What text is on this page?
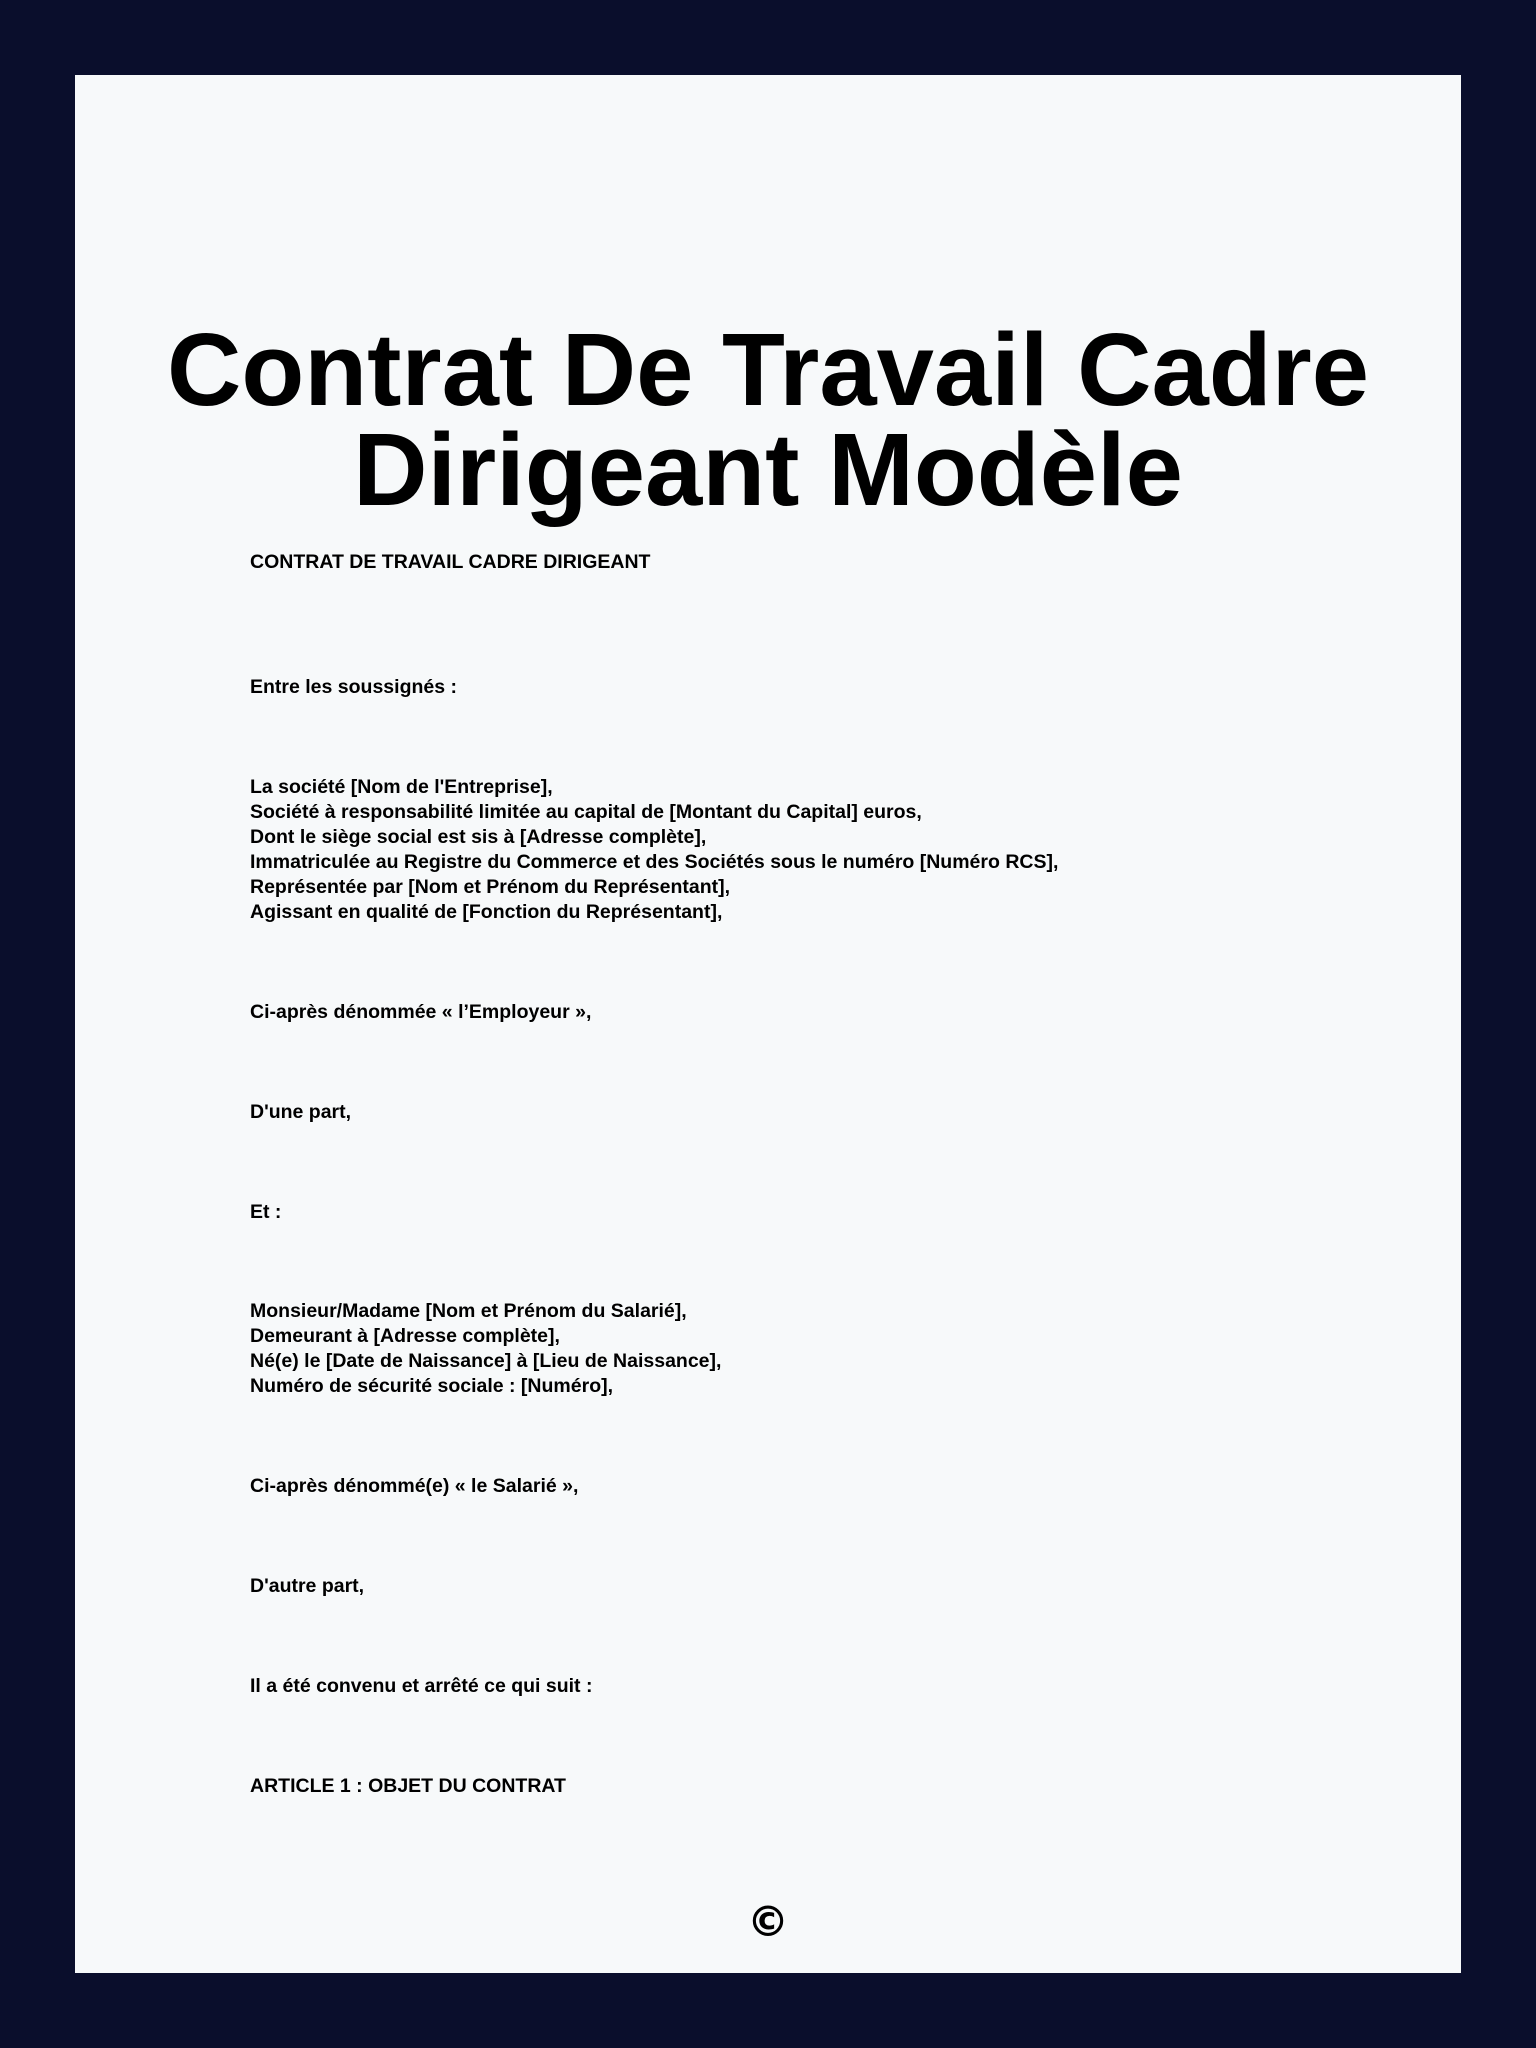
Contrat De Travail Cadre
Dirigeant Modèle
CONTRAT DE TRAVAIL CADRE DIRIGEANT
Entre les soussignés :
La société [Nom de l'Entreprise],
Société à responsabilité limitée au capital de [Montant du Capital] euros,
Dont le siège social est sis à [Adresse complète],
Immatriculée au Registre du Commerce et des Sociétés sous le numéro [Numéro RCS],
Représentée par [Nom et Prénom du Représentant],
Agissant en qualité de [Fonction du Représentant],
Ci-après dénommée « l’Employeur »,
D'une part,
Et :
Monsieur/Madame [Nom et Prénom du Salarié],
Demeurant à [Adresse complète],
Né(e) le [Date de Naissance] à [Lieu de Naissance],
Numéro de sécurité sociale : [Numéro],
Ci-après dénommé(e) « le Salarié »,
D'autre part,
Il a été convenu et arrêté ce qui suit :
ARTICLE 1 : OBJET DU CONTRAT
©
